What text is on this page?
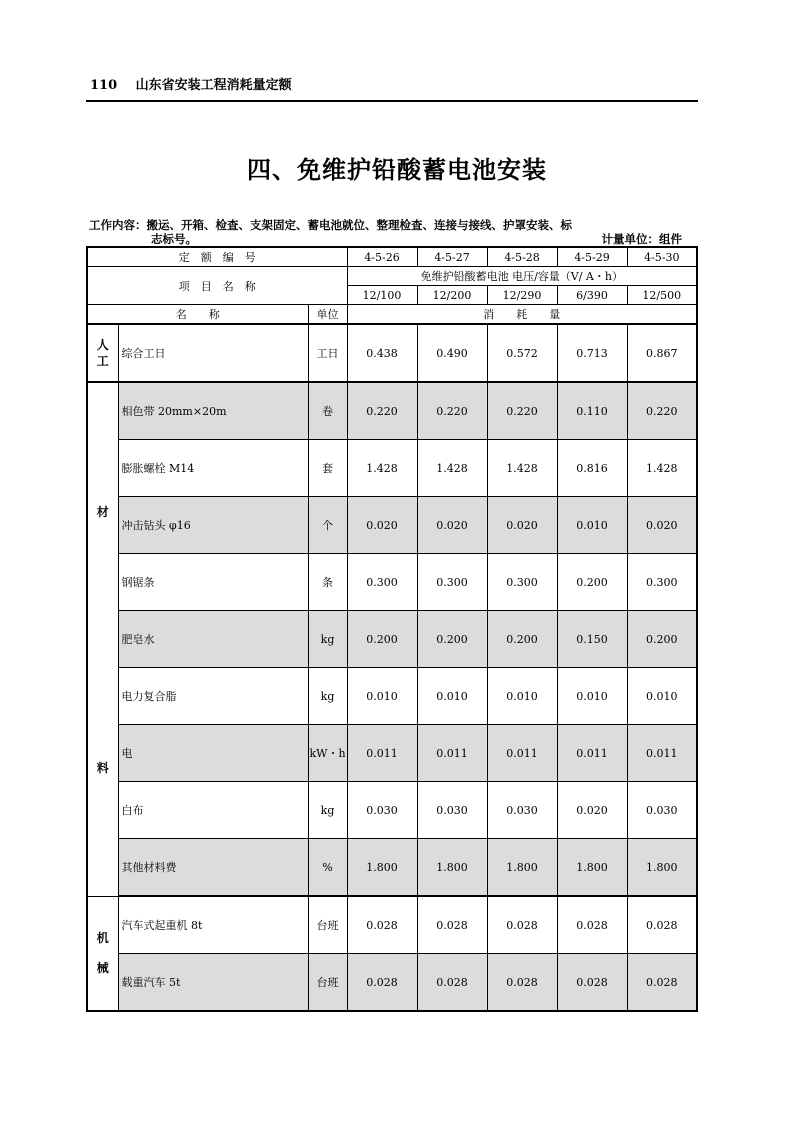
110 山东省安装工程消耗量定额
四、免维护铅酸蓄电池安装
工作内容：搬运、开箱、检查、支架固定、蓄电池就位、整理检查、连接与接线、护罩安装、标
志标号。	计量单位：组件
定　额　编　号			4-5-26	4-5-27	4-5-28	4-5-29	4-5-30
项　目　名　称			免维护铅酸蓄电池 电压/容量（V/ A・h）				
			12/100	12/200	12/290	6/390	12/500
名　　称		单位	消　　耗　　量				

人
工	综合工日	工日	0.438	0.490	0.572	0.713	0.867

材
料	相色带 20mm×20m	卷	0.220	0.220	0.220	0.110	0.220
	膨胀螺栓 M14	套	1.428	1.428	1.428	0.816	1.428
	冲击钻头 φ16	个	0.020	0.020	0.020	0.010	0.020
	钢锯条	条	0.300	0.300	0.300	0.200	0.300
	肥皂水	kg	0.200	0.200	0.200	0.150	0.200
	电力复合脂	kg	0.010	0.010	0.010	0.010	0.010
	电	kW・h	0.011	0.011	0.011	0.011	0.011
	白布	kg	0.030	0.030	0.030	0.020	0.030
	其他材料费	%	1.800	1.800	1.800	1.800	1.800

机
械	汽车式起重机 8t	台班	0.028	0.028	0.028	0.028	0.028
	载重汽车 5t	台班	0.028	0.028	0.028	0.028	0.028
